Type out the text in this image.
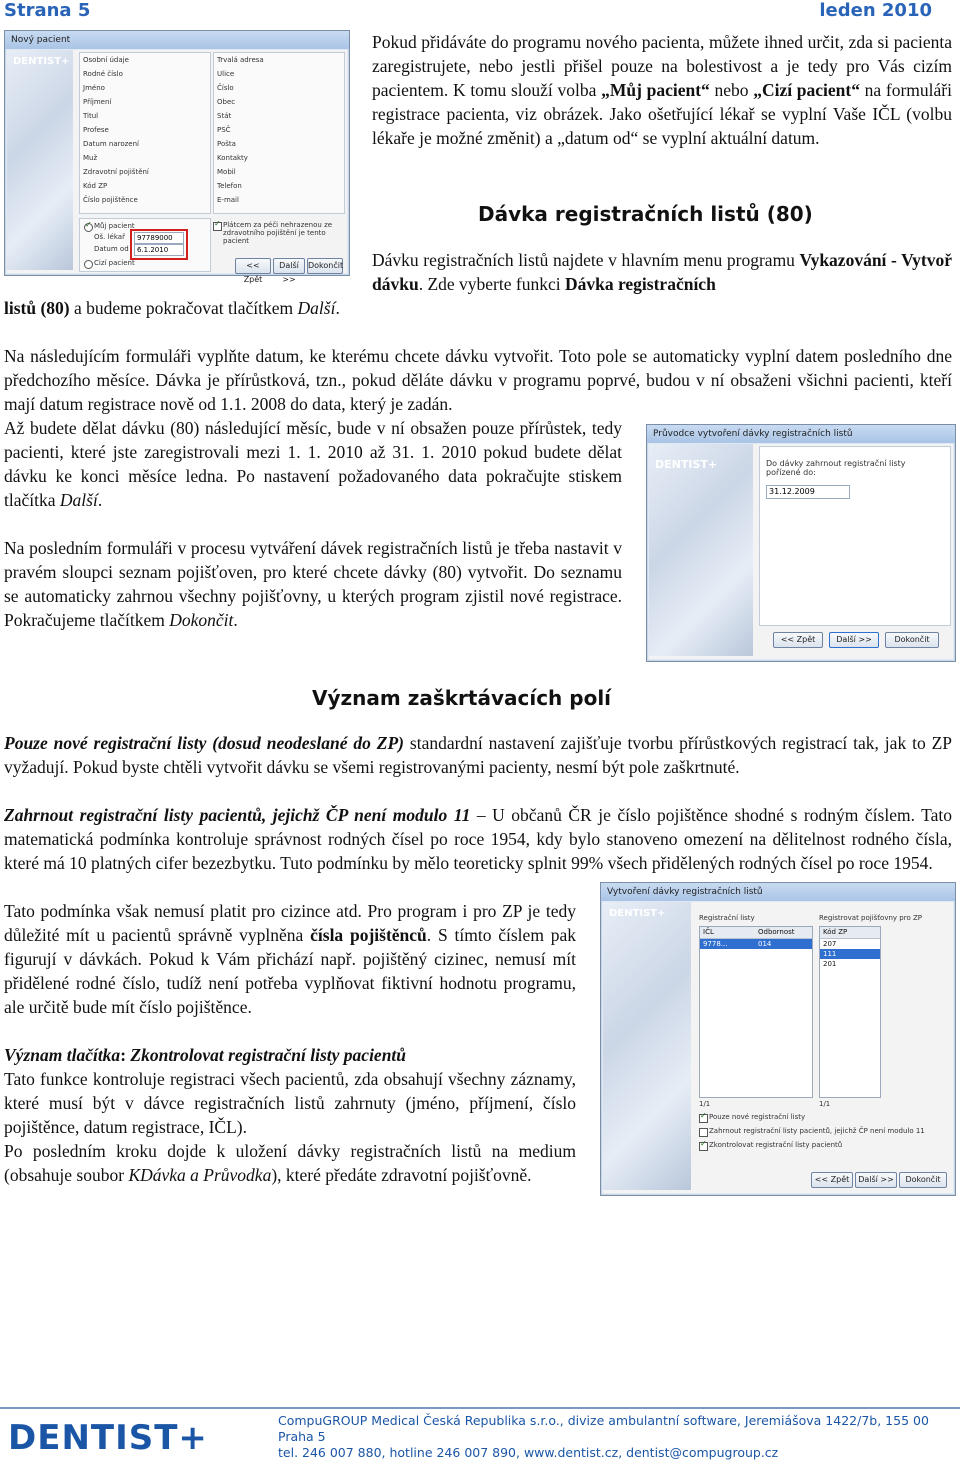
Strana 5	leden 2010
Nový pacient
DENTIST+ Osobní údaje
Rodné číslo
Jméno
Příjmení
Titul
Profese
Datum narození
Muž
Zdravotní pojištění
Kód ZP
Číslo pojištěnce
Trvalá adresa
Ulice
Číslo
Obec
Stát
PSČ
Pošta
Kontakty
Mobil
Telefon
E-mail
✓
Můj pacient
Oš. lékař	97789000
Datum od	6.1.2010
Cizí pacient
✓
Plátcem za péči nehrazenou ze zdravotního pojištění je tento pacient
<< Zpět
Další >>
Dokončit

Pokud přidáváte do programu nového pacienta, můžete ihned určit, zda si pacienta zaregistrujete, nebo jestli přišel pouze na bolestivost a je tedy pro Vás cizím pacientem. K tomu slouží volba „Můj pacient“ nebo „Cizí pacient“ na formuláři registrace pacienta, viz obrázek. Jako ošetřující lékař se vyplní Vaše IČL (volbu lékaře je možné změnit) a „datum od“ se vyplní aktuální datum.

Dávka registračních listů (80)

Dávku registračních listů najdete v hlavním menu programu Vykazování - Vytvoř dávku. Zde vyberte funkci Dávka registračních

listů (80) a budeme pokračovat tlačítkem Další.

Na následujícím formuláři vyplňte datum, ke kterému chcete dávku vytvořit. Toto pole se automaticky vyplní datem posledního dne předchozího měsíce. Dávka je přírůstková, tzn., pokud děláte dávku v programu poprvé, budou v ní obsaženi všichni pacienti, kteří mají datum registrace nově od 1.1. 2008 do data, který je zadán.

Až budete dělat dávku (80) následující měsíc, bude v ní obsažen pouze přírůstek, tedy pacienti, které jste zaregistrovali mezi 1. 1. 2010 až 31. 1. 2010 pokud budete dělat dávku ke konci měsíce ledna. Po nastavení požadovaného data pokračujte stiskem tlačítka Další.

Průvodce vytvoření dávky registračních listů
DENTIST+	Do dávky zahrnout registrační listy pořízené do:
31.12.2009
<< Zpět	Další >>	Dokončit

Na posledním formuláři v procesu vytváření dávek registračních listů je třeba nastavit v pravém sloupci seznam pojišťoven, pro které chcete dávky (80) vytvořit. Do seznamu se automaticky zahrnou všechny pojišťovny, u kterých program zjistil nové registrace. Pokračujeme tlačítkem Dokončit.

Význam zaškrtávacích polí

Pouze nové registrační listy (dosud neodeslané do ZP) standardní nastavení zajišťuje tvorbu přírůstkových registrací tak, jak to ZP vyžadují. Pokud byste chtěli vytvořit dávku se všemi registrovanými pacienty, nesmí být pole zaškrtnuté.

Zahrnout registrační listy pacientů, jejichž ČP není modulo 11 – U občanů ČR je číslo pojištěnce shodné s rodným číslem. Tato matematická podmínka kontroluje správnost rodných čísel po roce 1954, kdy bylo stanoveno omezení na dělitelnost rodného čísla, které má 10 platných cifer bezezbytku. Tuto podmínku by mělo teoreticky splnit 99% všech přidělených rodných čísel po roce 1954.

Tato podmínka však nemusí platit pro cizince atd. Pro program i pro ZP je tedy důležité mít u pacientů správně vyplněna čísla pojištěnců. S tímto číslem pak figurují v dávkách. Pokud k Vám přichází např. pojištěný cizinec, nemusí mít přidělené rodné číslo, tudíž není potřeba vyplňovat fiktivní hodnotu programu, ale určitě bude mít číslo pojištěnce.

Význam tlačítka: Zkontrolovat registrační listy pacientů

Tato funkce kontroluje registraci všech pacientů, zda obsahují všechny záznamy, které musí být v dávce registračních listů zahrnuty (jméno, příjmení, číslo pojištěnce, datum registrace, IČL).

Po posledním kroku dojde k uložení dávky registračních listů na medium (obsahuje soubor KDávka a Průvodka), které předáte zdravotní pojišťovně.

Vytvoření dávky registračních listů
DENTIST+	Registrační listy
IČL	Odbornost
9778...	014
1/1
Registrovat pojišťovny pro ZP
Kód ZP
207
111
201
1/1
✓
Pouze nové registrační listy
Zahrnout registrační listy pacientů, jejichž ČP není modulo 11
✓
Zkontrolovat registrační listy pacientů
<< Zpět	Další >>	Dokončit
DENTIST+	CompuGROUP Medical Česká Republika s.r.o., divize ambulantní software, Jeremiášova 1422/7b, 155 00 Praha 5
tel. 246 007 880, hotline 246 007 890, www.dentist.cz, dentist@compugroup.cz
